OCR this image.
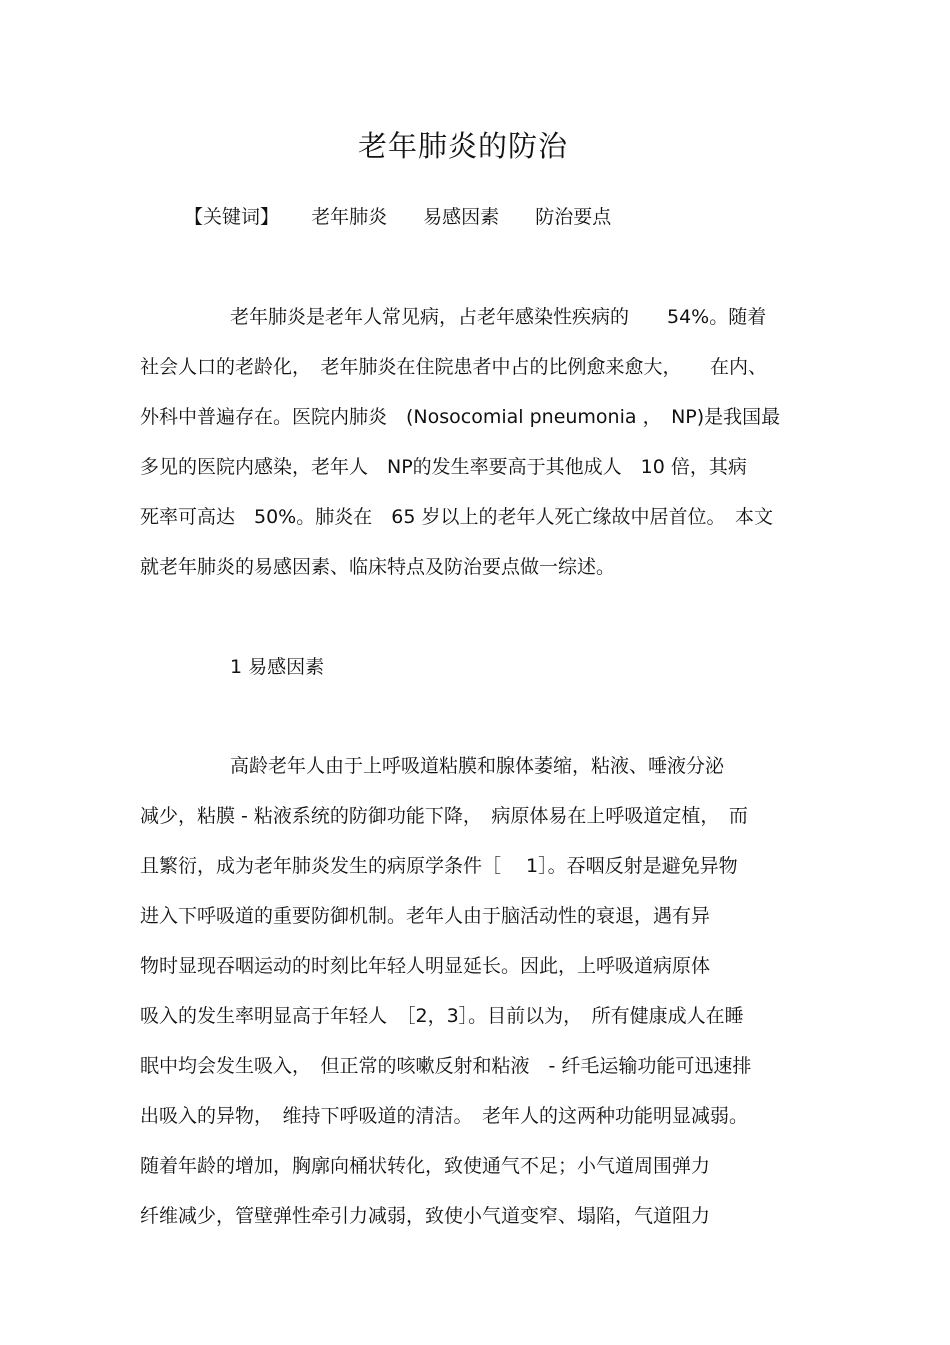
老年肺炎的防治
【关键词】 老年肺炎 易感因素 防治要点
老年肺炎是老年人常见病，占老年感染性疾病的　　54%。随着
社会人口的老龄化，　老年肺炎在住院患者中占的比例愈来愈大，　　在内、
外科中普遍存在。医院内肺炎　(Nosocomial pneumonia ，　NP)是我国最
多见的医院内感染，老年人　NP的发生率要高于其他成人　10 倍，其病
死率可高达　50%。肺炎在　65 岁以上的老年人死亡缘故中居首位。　本文
就老年肺炎的易感因素、临床特点及防治要点做一综述。
1 易感因素
高龄老年人由于上呼吸道粘膜和腺体萎缩，粘液、唾液分泌
减少，粘膜 - 粘液系统的防御功能下降，　病原体易在上呼吸道定植，　而
且繁衍，成为老年肺炎发生的病原学条件［　 1］。吞咽反射是避免异物
进入下呼吸道的重要防御机制。老年人由于脑活动性的衰退，遇有异
物时显现吞咽运动的时刻比年轻人明显延长。因此，上呼吸道病原体
吸入的发生率明显高于年轻人　［2，3］。目前以为，　所有健康成人在睡
眠中均会发生吸入，　但正常的咳嗽反射和粘液　- 纤毛运输功能可迅速排
出吸入的异物，　维持下呼吸道的清洁。　老年人的这两种功能明显减弱。
随着年龄的增加，胸廓向桶状转化，致使通气不足；小气道周围弹力
纤维减少，管壁弹性牵引力减弱，致使小气道变窄、塌陷，气道阻力
